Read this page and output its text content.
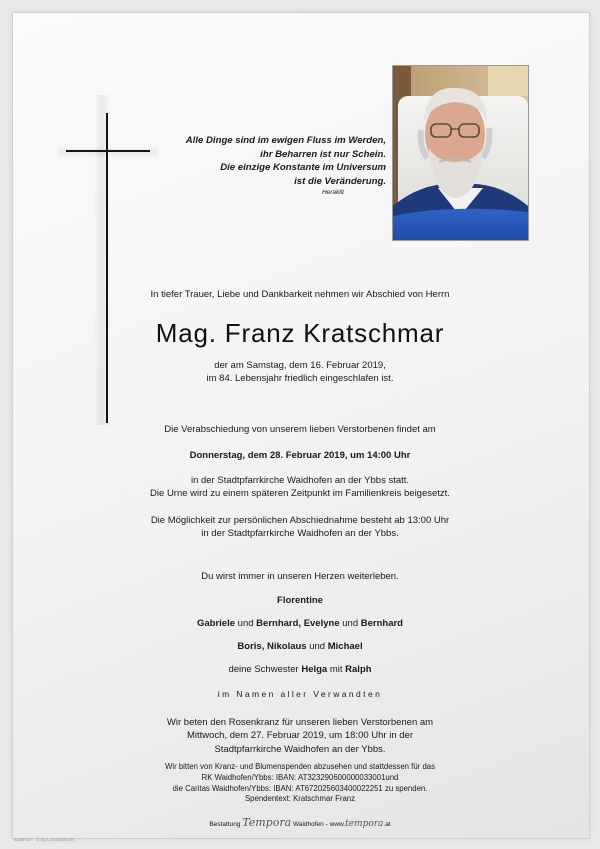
Alle Dinge sind im ewigen Fluss im Werden,
ihr Beharren ist nur Schein.
Die einzige Konstante im Universum
ist die Veränderung.
Heraklit
In tiefer Trauer, Liebe und Dankbarkeit nehmen wir Abschied von Herrn
Mag. Franz Kratschmar
der am Samstag, dem 16. Februar 2019,
im 84. Lebensjahr friedlich eingeschlafen ist.
Die Verabschiedung von unserem lieben Verstorbenen findet am
Donnerstag, dem 28. Februar 2019, um 14:00 Uhr
in der Stadtpfarrkirche Waidhofen an der Ybbs statt.
Die Urne wird zu einem späteren Zeitpunkt im Familienkreis beigesetzt.
Die Möglichkeit zur persönlichen Abschiednahme besteht ab 13:00 Uhr
in der Stadtpfarrkirche Waidhofen an der Ybbs.
Du wirst immer in unseren Herzen weiterleben.
Florentine
Gabriele und Bernhard, Evelyne und Bernhard
Boris, Nikolaus und Michael
deine Schwester Helga mit Ralph
im Namen aller Verwandten
Wir beten den Rosenkranz für unseren lieben Verstorbenen am
Mittwoch, dem 27. Februar 2019, um 18:00 Uhr in der
Stadtpfarrkirche Waidhofen an der Ybbs.
Wir bitten von Kranz- und Blumenspenden abzusehen und stattdessen für das
RK Waidhofen/Ybbs: IBAN: AT323290600000033001und
die Caritas Waidhofen/Ybbs: IBAN: AT672025603400022251 zu spenden.
Spendentext: Kratschmar Franz
Bestattung Tempora Waidhofen - www.tempora.at
8348-10 · © by L.Sachchurk
